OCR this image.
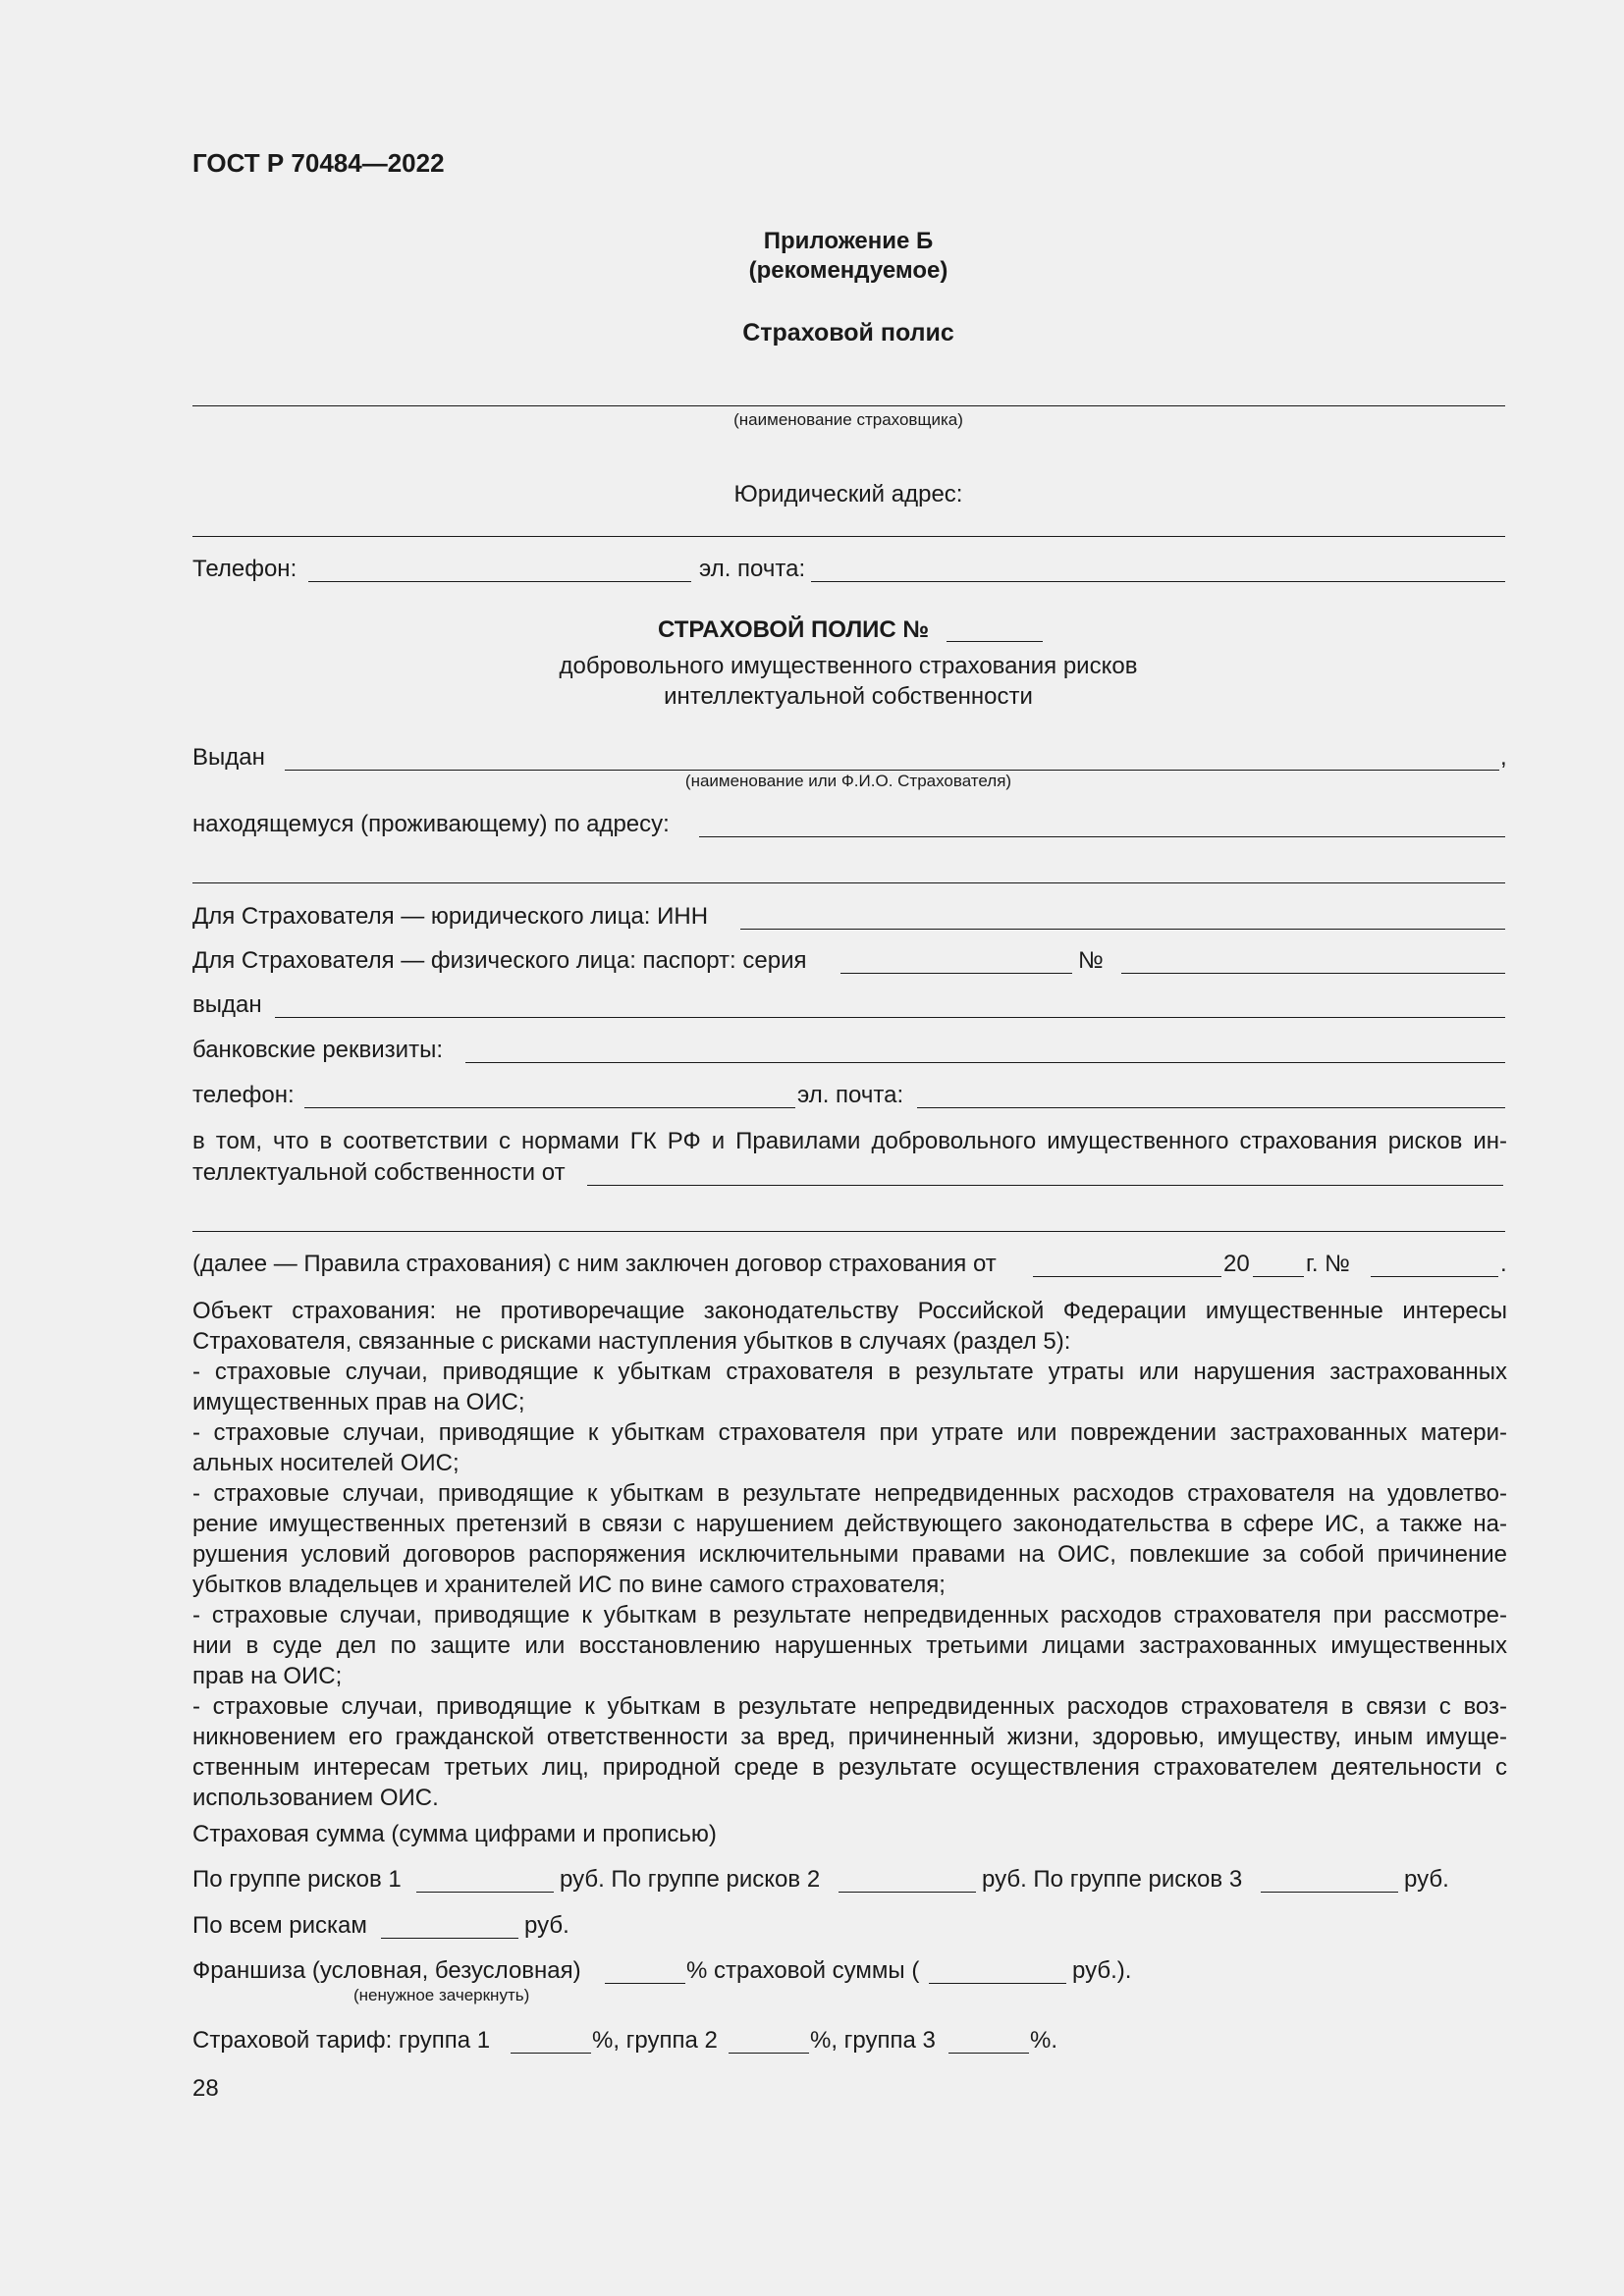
ГОСТ Р 70484—2022
Приложение Б
(рекомендуемое)
Страховой полис
(наименование страховщика)
Юридический адрес:
Телефон:	эл. почта:
СТРАХОВОЙ ПОЛИС №
добровольного имущественного страхования рисков
интеллектуальной собственности
Выдан	,
(наименование или Ф.И.О. Страхователя)
находящемуся (проживающему) по адресу:
Для Страхователя — юридического лица: ИНН
Для Страхователя — физического лица: паспорт: серия	№
выдан
банковские реквизиты:
телефон:	эл. почта:
в том, что в соответствии с нормами ГК РФ и Правилами добровольного имущественного страхования рисков ин-
теллектуальной собственности от
(далее — Правила страхования) с ним заключен договор страхования от	20 г. №	.
Объект страхования: не противоречащие законодательству Российской Федерации имущественные интересы
Страхователя, связанные с рисками наступления убытков в случаях (раздел 5):
- страховые случаи, приводящие к убыткам страхователя в результате утраты или нарушения застрахованных
имущественных прав на ОИС;
- страховые случаи, приводящие к убыткам страхователя при утрате или повреждении застрахованных матери-
альных носителей ОИС;
- страховые случаи, приводящие к убыткам в результате непредвиденных расходов страхователя на удовлетво-
рение имущественных претензий в связи с нарушением действующего законодательства в сфере ИС, а также на-
рушения условий договоров распоряжения исключительными правами на ОИС, повлекшие за собой причинение
убытков владельцев и хранителей ИС по вине самого страхователя;
- страховые случаи, приводящие к убыткам в результате непредвиденных расходов страхователя при рассмотре-
нии в суде дел по защите или восстановлению нарушенных третьими лицами застрахованных имущественных
прав на ОИС;
- страховые случаи, приводящие к убыткам в результате непредвиденных расходов страхователя в связи с воз-
никновением его гражданской ответственности за вред, причиненный жизни, здоровью, имуществу, иным имуще-
ственным интересам третьих лиц, природной среде в результате осуществления страхователем деятельности с
использованием ОИС.
Страховая сумма (сумма цифрами и прописью)
По группе рисков 1	руб. По группе рисков 2	руб. По группе рисков 3	руб.
По всем рискам	руб.
Франшиза (условная, безусловная)	% страховой суммы (	руб.).
(ненужное зачеркнуть)
Страховой тариф: группа 1	%, группа 2	%, группа 3	%.
28
